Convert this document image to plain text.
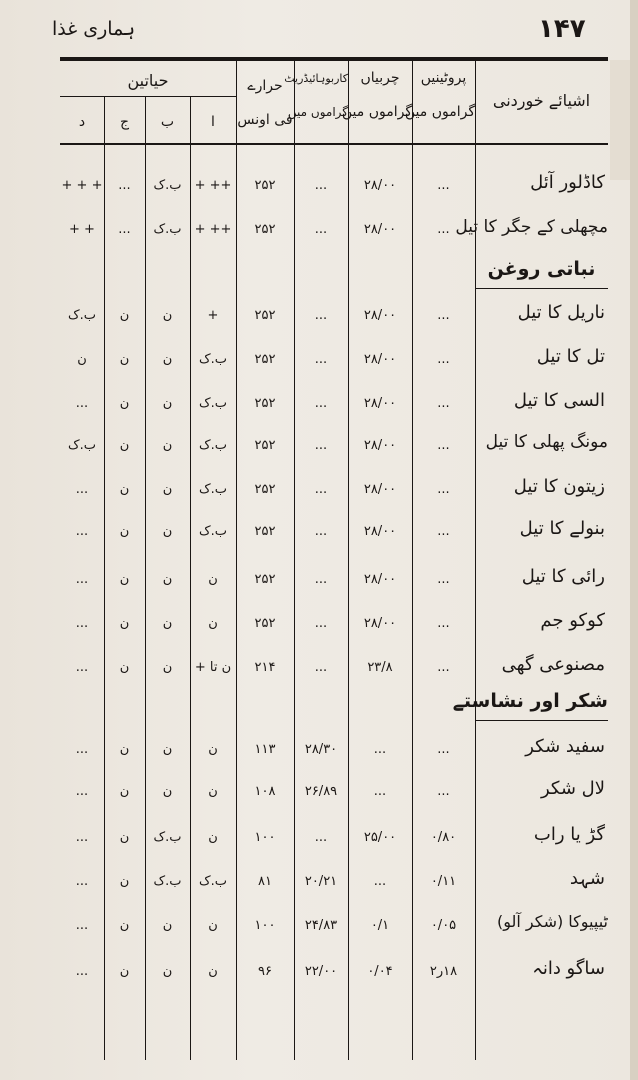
۱۴۷
ہماری غذا
اشیائے خوردنی
پروٹینیں
گراموں میں
چربیاں
گراموں میں
کاربوہائیڈریٹ
گراموں میں
حرارے
فی اونس
حیاتین
ا
ب
ج
د
کاڈلور آئل
...
۲۸/۰۰
...
۲۵۲
++ +
ب.ک
...
+ + +
مچھلی کے جگر کا تیل
...
۲۸/۰۰
...
۲۵۲
++ +
ب.ک
...
+ +
نباتی روغن
ناریل کا تیل
...
۲۸/۰۰
...
۲۵۲
+
ن
ن
ب.ک
تل کا تیل
...
۲۸/۰۰
...
۲۵۲
ب.ک
ن
ن
ن
السی کا تیل
...
۲۸/۰۰
...
۲۵۲
ب.ک
ن
ن
...
مونگ پھلی کا تیل
...
۲۸/۰۰
...
۲۵۲
ب.ک
ن
ن
ب.ک
زیتون کا تیل
...
۲۸/۰۰
...
۲۵۲
ب.ک
ن
ن
...
بنولے کا تیل
...
۲۸/۰۰
...
۲۵۲
ب.ک
ن
ن
...
رائی کا تیل
...
۲۸/۰۰
...
۲۵۲
ن
ن
ن
...
کوکو جم
...
۲۸/۰۰
...
۲۵۲
ن
ن
ن
...
مصنوعی گھی
...
۲۳/۸
...
۲۱۴
ن تا +
ن
ن
...
شکر اور نشاستے
سفید شکر
...
...
۲۸/۳۰
۱۱۳
ن
ن
ن
...
لال شکر
...
...
۲۶/۸۹
۱۰۸
ن
ن
ن
...
گڑ یا راب
۰/۸۰
۲۵/۰۰
...
۱۰۰
ن
ب.ک
ن
...
شہد
۰/۱۱
...
۲۰/۲۱
۸۱
ب.ک
ب.ک
ن
...
ٹیپیوکا (شکر آلو)
۰/۰۵
۰/۱
۲۴/۸۳
۱۰۰
ن
ن
ن
...
ساگو دانہ
۱۸ر۲
۰/۰۴
۲۲/۰۰
۹۶
ن
ن
ن
...
